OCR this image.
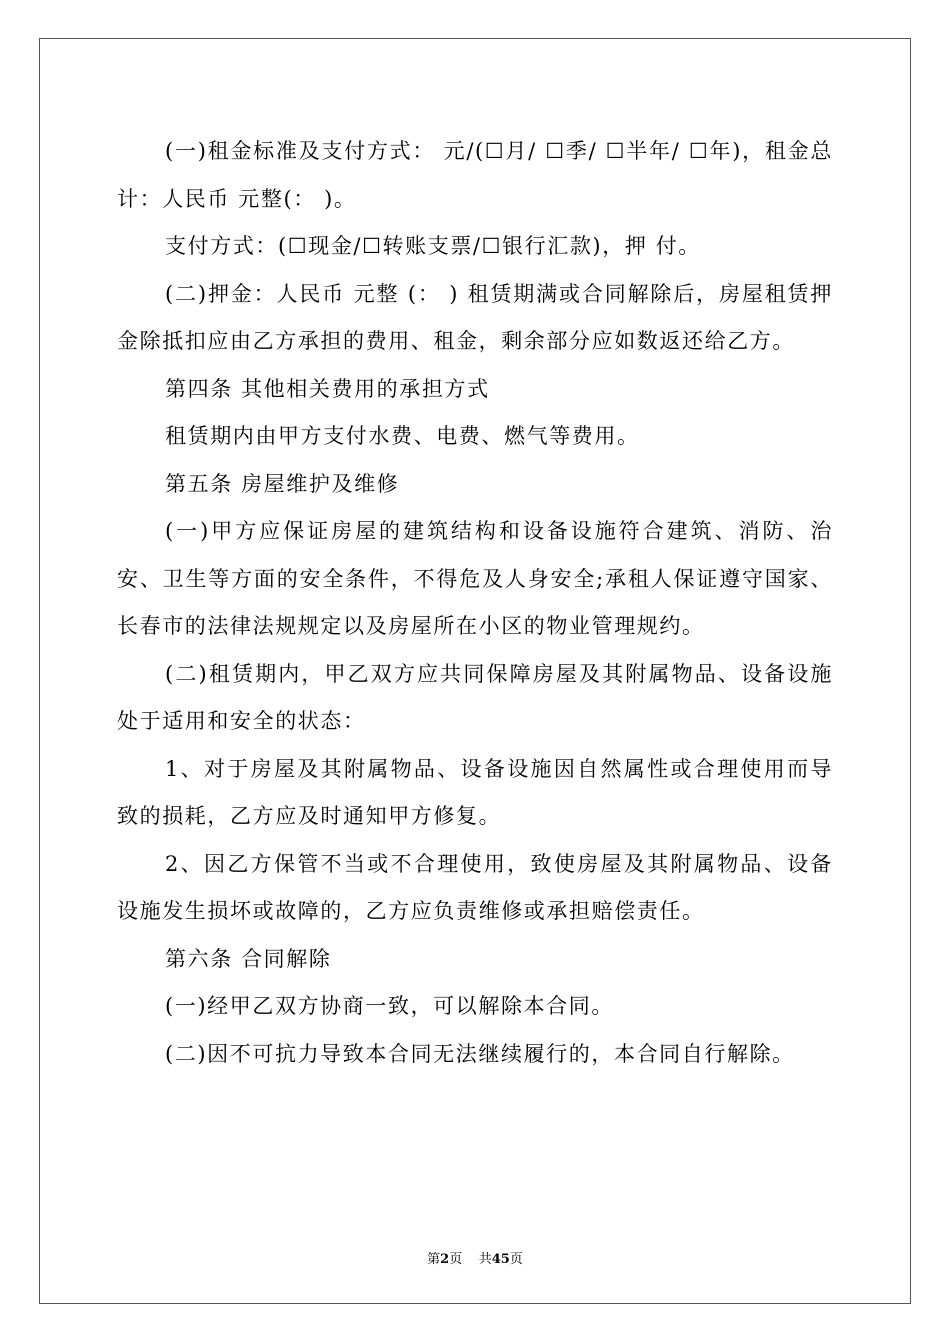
(一)租金标准及支付方式： 元/(☐月/ ☐季/ ☐半年/ ☐年)，租金总计：人民币 元整(： )。

支付方式：(☐现金/☐转账支票/☐银行汇款)，押 付。

(二)押金：人民币 元整 (： ) 租赁期满或合同解除后，房屋租赁押金除抵扣应由乙方承担的费用、租金，剩余部分应如数返还给乙方。

第四条 其他相关费用的承担方式

租赁期内由甲方支付水费、电费、燃气等费用。

第五条 房屋维护及维修

(一)甲方应保证房屋的建筑结构和设备设施符合建筑、消防、治安、卫生等方面的安全条件，不得危及人身安全;承租人保证遵守国家、长春市的法律法规规定以及房屋所在小区的物业管理规约。

(二)租赁期内，甲乙双方应共同保障房屋及其附属物品、设备设施处于适用和安全的状态：

1、对于房屋及其附属物品、设备设施因自然属性或合理使用而导致的损耗，乙方应及时通知甲方修复。

2、因乙方保管不当或不合理使用，致使房屋及其附属物品、设备设施发生损坏或故障的，乙方应负责维修或承担赔偿责任。

第六条 合同解除

(一)经甲乙双方协商一致，可以解除本合同。

(二)因不可抗力导致本合同无法继续履行的，本合同自行解除。

第2页 共45页
